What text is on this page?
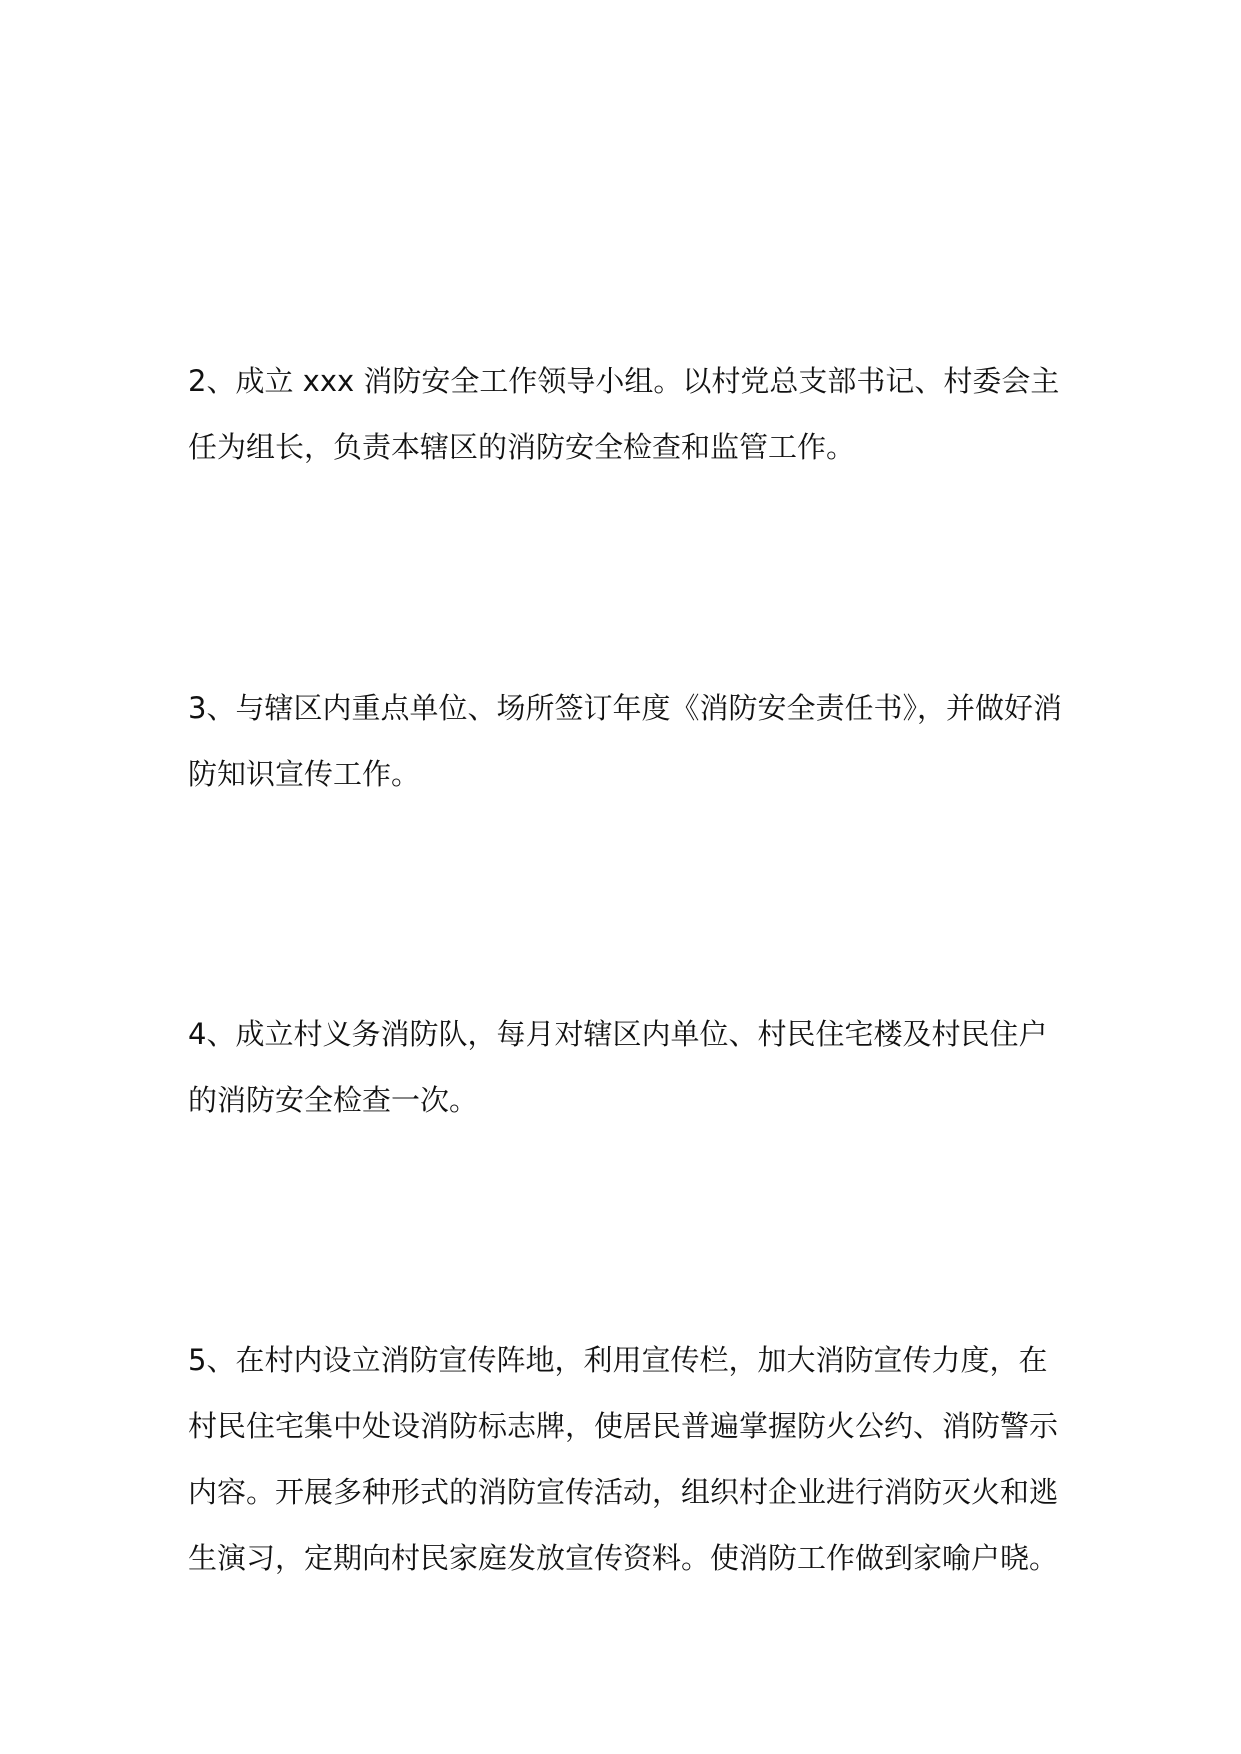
2、成立 xxx 消防安全工作领导小组。以村党总支部书记、村委会主
任为组长，负责本辖区的消防安全检查和监管工作。
3、与辖区内重点单位、场所签订年度《消防安全责任书》，并做好消
防知识宣传工作。
4、成立村义务消防队，每月对辖区内单位、村民住宅楼及村民住户
的消防安全检查一次。
5、在村内设立消防宣传阵地，利用宣传栏，加大消防宣传力度，在
村民住宅集中处设消防标志牌，使居民普遍掌握防火公约、消防警示
内容。开展多种形式的消防宣传活动，组织村企业进行消防灭火和逃
生演习，定期向村民家庭发放宣传资料。使消防工作做到家喻户晓。
